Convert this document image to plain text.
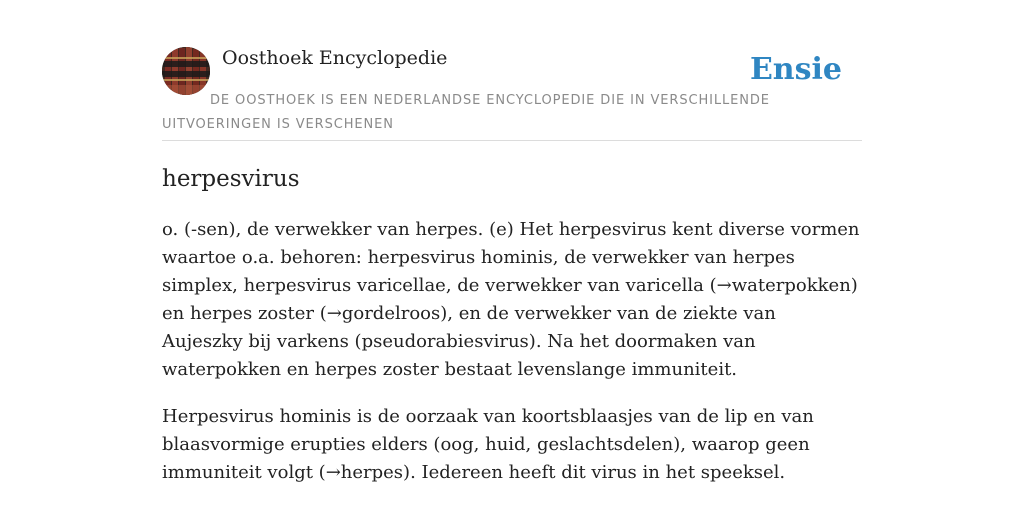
Oosthoek Encyclopedie	Ensie
DE OOSTHOEK IS EEN NEDERLANDSE ENCYCLOPEDIE DIE IN VERSCHILLENDE UITVOERINGEN IS VERSCHENEN
herpesvirus

o. (-sen), de verwekker van herpes. (e) Het herpesvirus kent diverse vormen waartoe o.a. behoren: herpesvirus hominis, de verwekker van herpes simplex, herpesvirus varicellae, de verwekker van varicella (→waterpokken) en herpes zoster (→gordelroos), en de verwekker van de ziekte van Aujeszky bij varkens (pseudorabiesvirus). Na het doormaken van waterpokken en herpes zoster bestaat levenslange immuniteit.

Herpesvirus hominis is de oorzaak van koortsblaasjes van de lip en van blaasvormige erupties elders (oog, huid, geslachtsdelen), waarop geen immuniteit volgt (→herpes). Iedereen heeft dit virus in het speeksel.
